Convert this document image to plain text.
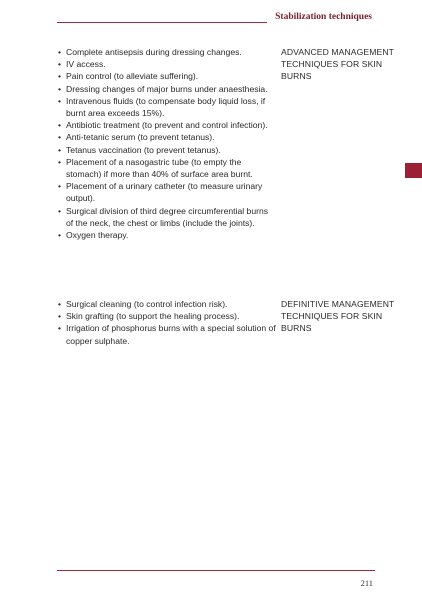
Stabilization techniques
• Complete antisepsis during dressing changes.
• IV access.
• Pain control (to alleviate suffering).
• Dressing changes of major burns under anaesthesia.
• Intravenous fluids (to compensate body liquid loss, if burnt area exceeds 15%).
• Antibiotic treatment (to prevent and control infection).
• Anti-tetanic serum (to prevent tetanus).
• Tetanus vaccination (to prevent tetanus).
• Placement of a nasogastric tube (to empty the stomach) if more than 40% of surface area burnt.
• Placement of a urinary catheter (to measure urinary output).
• Surgical division of third degree circumferential burns of the neck, the chest or limbs (include the joints).
• Oxygen therapy.
ADVANCED MANAGEMENT TECHNIQUES FOR SKIN BURNS
• Surgical cleaning (to control infection risk).
• Skin grafting (to support the healing process).
• Irrigation of phosphorus burns with a special solution of copper sulphate.
DEFINITIVE MANAGEMENT TECHNIQUES FOR SKIN BURNS
211
